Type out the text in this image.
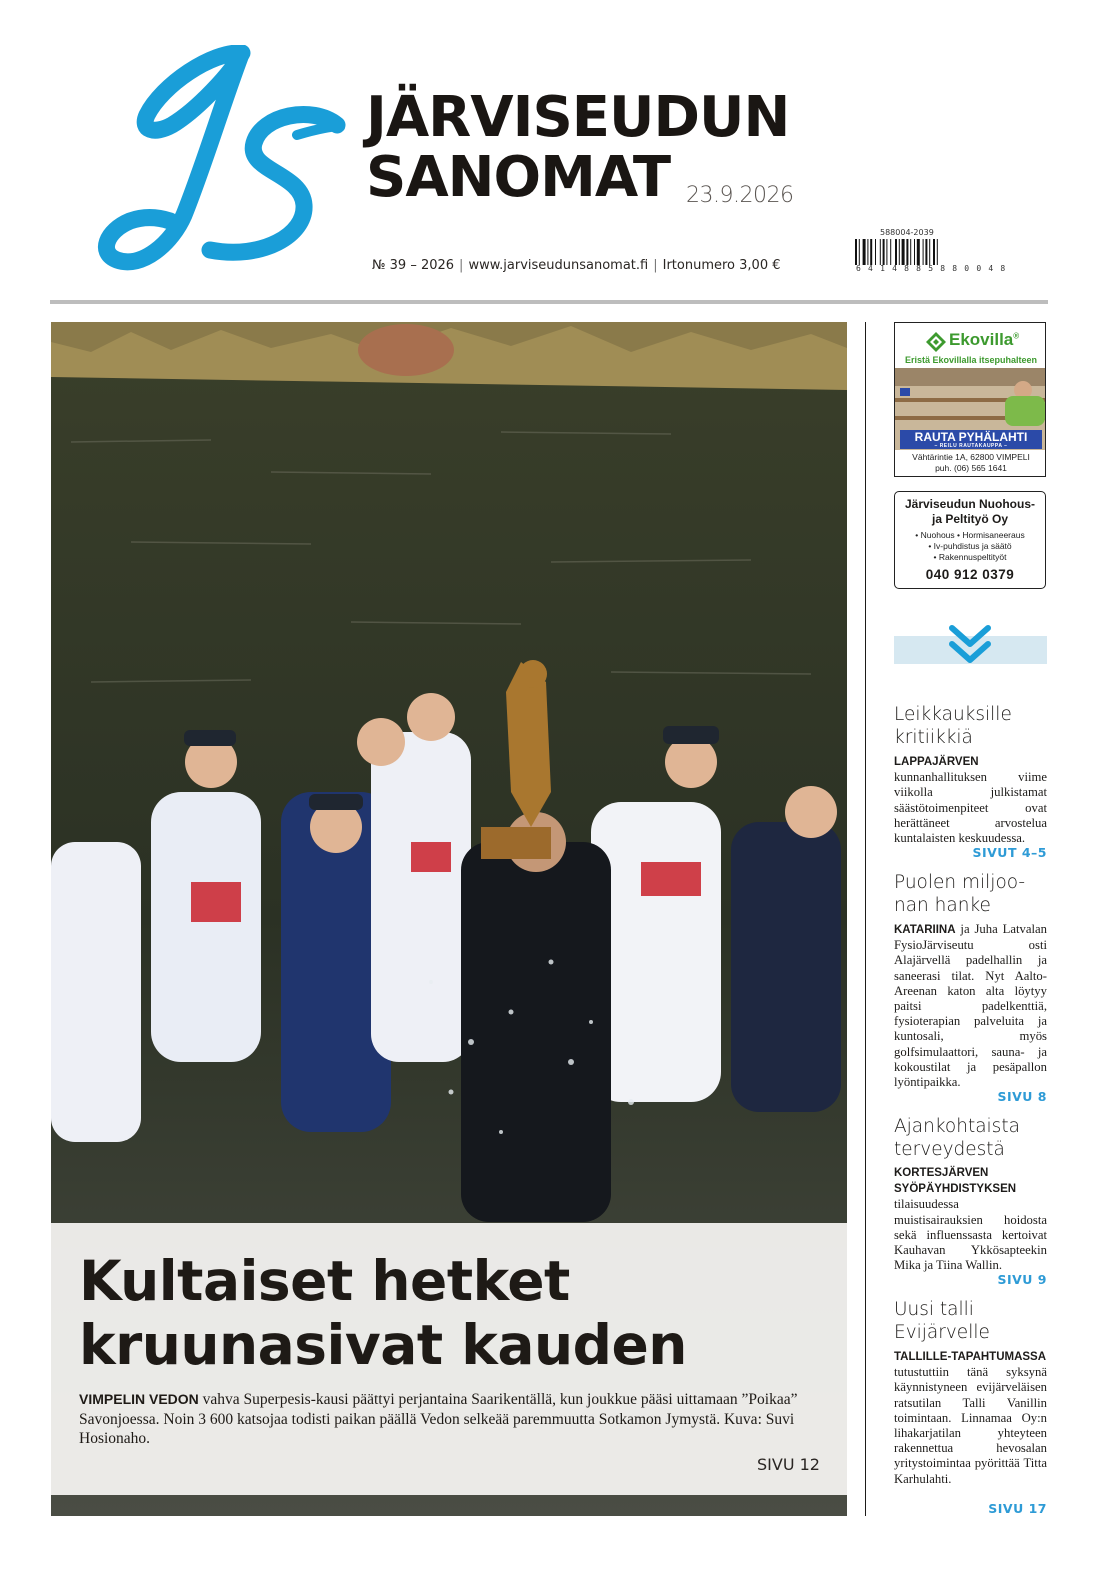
JÄRVISEUDUN
SANOMAT 23.9.2026
№ 39 – 2026 | www.jarviseudunsanomat.fi | Irtonumero 3,00 €
588004-2039
6 4 1 4 8 8 5 8 8 0 0 4 8
Kultaiset hetket
kruunasivat kauden
VIMPELIN VEDON vahva Superpesis-kausi päättyi perjantaina Saarikentällä, kun joukkue pääsi uittamaan ”Poikaa” Savonjoessa. Noin 3 600 katsojaa todisti paikan päällä Vedon selkeää paremmuutta Sotkamon Jymystä. Kuva: Suvi Hosionaho.
SIVU 12
Ekovilla®
Eristä Ekovillalla itsepuhalteen
RAUTA PYHÄLAHTI
– REILU RAUTAKAUPPA –
Vähtärintie 1A, 62800 VIMPELI
puh. (06) 565 1641
Järviseudun Nuohous-
ja Peltityö Oy
• Nuohous • Hormisaneeraus
• Iv-puhdistus ja säätö
• Rakennuspeltityöt
040 912 0379
Leikkauksille
kritiikkiä
LAPPAJÄRVEN kunnanhallituksen viime viikolla julkistamat säästötoimenpiteet ovat herättäneet arvostelua kuntalaisten keskuudessa.
SIVUT 4–5
Puolen miljoo-
nan hanke
KATARIINA ja Juha Latvalan FysioJärviseutu osti Alajärvellä padelhallin ja saneerasi tilat. Nyt Aalto-Areenan katon alta löytyy paitsi padelkenttiä, fysioterapian palveluita ja kuntosali, myös golfsimulaattori, sauna- ja kokoustilat ja pesäpallon lyöntipaikka.
SIVU 8
Ajankohtaista
terveydestä
KORTESJÄRVEN SYÖPÄYHDISTYKSEN tilaisuudessa muistisairauksien hoidosta sekä influenssasta kertoivat Kauhavan Ykkösapteekin Mika ja Tiina Wallin.
SIVU 9
Uusi talli
Evijärvelle
TALLILLE-TAPAHTUMASSA tutustuttiin tänä syksynä käynnistyneen evijärveläisen ratsutilan Talli Vanillin toimintaan. Linnamaa Oy:n lihakarjatilan yhteyteen rakennettua hevosalan yritystoimintaa pyörittää Titta Karhulahti.
SIVU 17
